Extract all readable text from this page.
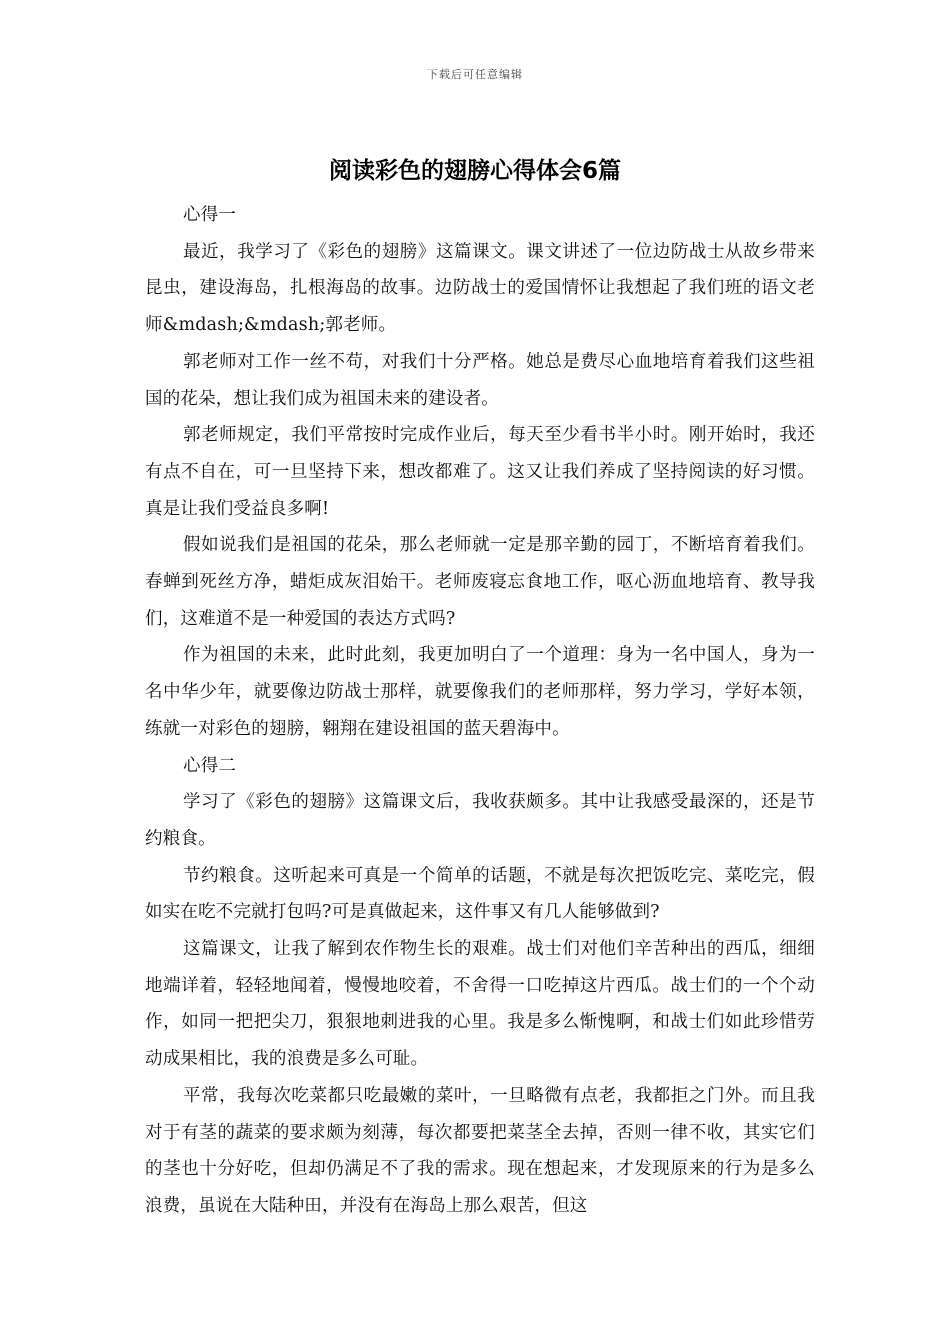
下载后可任意编辑
阅读彩色的翅膀心得体会6篇

心得一

最近，我学习了《彩色的翅膀》这篇课文。课文讲述了一位边防战士从故乡带来昆虫，建设海岛，扎根海岛的故事。边防战士的爱国情怀让我想起了我们班的语文老师&mdash;&mdash;郭老师。

郭老师对工作一丝不苟，对我们十分严格。她总是费尽心血地培育着我们这些祖国的花朵，想让我们成为祖国未来的建设者。

郭老师规定，我们平常按时完成作业后，每天至少看书半小时。刚开始时，我还有点不自在，可一旦坚持下来，想改都难了。这又让我们养成了坚持阅读的好习惯。真是让我们受益良多啊!

假如说我们是祖国的花朵，那么老师就一定是那辛勤的园丁，不断培育着我们。春蝉到死丝方净，蜡炬成灰泪始干。老师废寝忘食地工作，呕心沥血地培育、教导我们，这难道不是一种爱国的表达方式吗?

作为祖国的未来，此时此刻，我更加明白了一个道理：身为一名中国人，身为一名中华少年，就要像边防战士那样，就要像我们的老师那样，努力学习，学好本领，练就一对彩色的翅膀，翱翔在建设祖国的蓝天碧海中。

心得二

学习了《彩色的翅膀》这篇课文后，我收获颇多。其中让我感受最深的，还是节约粮食。

节约粮食。这听起来可真是一个简单的话题，不就是每次把饭吃完、菜吃完，假如实在吃不完就打包吗?可是真做起来，这件事又有几人能够做到?

这篇课文，让我了解到农作物生长的艰难。战士们对他们辛苦种出的西瓜，细细地端详着，轻轻地闻着，慢慢地咬着，不舍得一口吃掉这片西瓜。战士们的一个个动作，如同一把把尖刀，狠狠地刺进我的心里。我是多么惭愧啊，和战士们如此珍惜劳动成果相比，我的浪费是多么可耻。

平常，我每次吃菜都只吃最嫩的菜叶，一旦略微有点老，我都拒之门外。而且我对于有茎的蔬菜的要求颇为刻薄，每次都要把菜茎全去掉，否则一律不收，其实它们的茎也十分好吃，但却仍满足不了我的需求。现在想起来，才发现原来的行为是多么浪费，虽说在大陆种田，并没有在海岛上那么艰苦，但这
